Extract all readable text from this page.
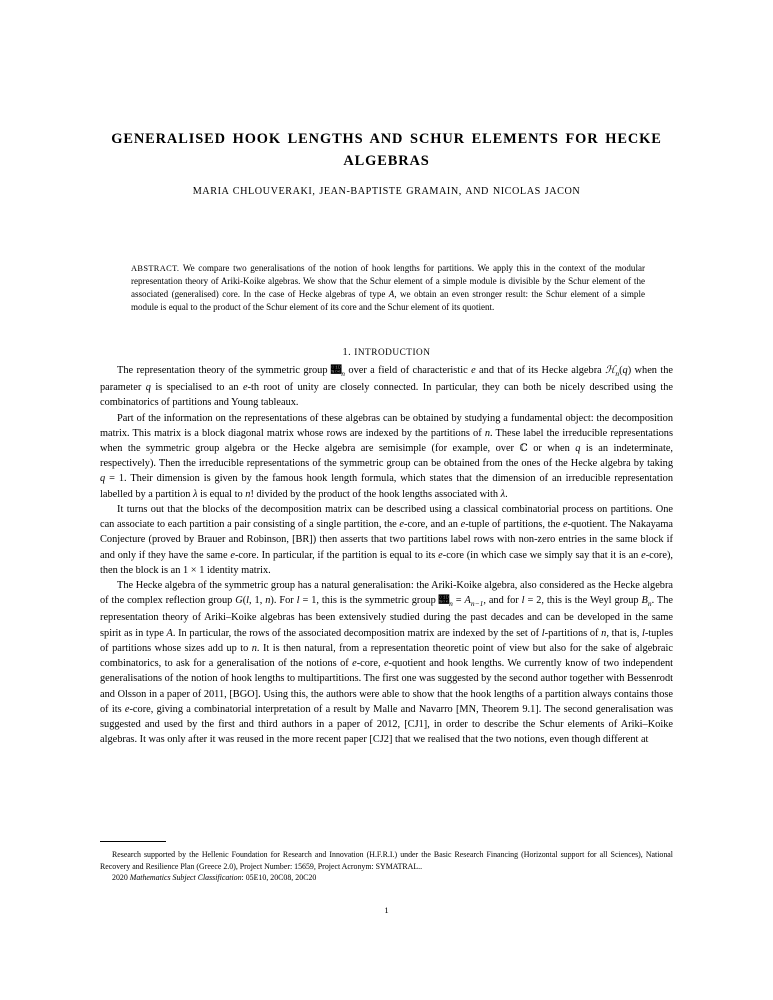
GENERALISED HOOK LENGTHS AND SCHUR ELEMENTS FOR HECKE ALGEBRAS
MARIA CHLOUVERAKI, JEAN-BAPTISTE GRAMAIN, AND NICOLAS JACON
ABSTRACT. We compare two generalisations of the notion of hook lengths for partitions. We apply this in the context of the modular representation theory of Ariki-Koike algebras. We show that the Schur element of a simple module is divisible by the Schur element of the associated (generalised) core. In the case of Hecke algebras of type A, we obtain an even stronger result: the Schur element of a simple module is equal to the product of the Schur element of its core and the Schur element of its quotient.
1. INTRODUCTION

The representation theory of the symmetric group $𝔆_n$ over a field of characteristic e and that of its Hecke algebra ℋ$_n$(q) when the parameter q is specialised to an e-th root of unity are closely connected. In particular, they can both be nicely described using the combinatorics of partitions and Young tableaux.

Part of the information on the representations of these algebras can be obtained by studying a fundamental object: the decomposition matrix. This matrix is a block diagonal matrix whose rows are indexed by the partitions of n. These label the irreducible representations when the symmetric group algebra or the Hecke algebra are semisimple (for example, over ℂ or when q is an indeterminate, respectively). Then the irreducible representations of the symmetric group can be obtained from the ones of the Hecke algebra by taking q = 1. Their dimension is given by the famous hook length formula, which states that the dimension of an irreducible representation labelled by a partition λ is equal to n! divided by the product of the hook lengths associated with λ.

It turns out that the blocks of the decomposition matrix can be described using a classical combinatorial process on partitions. One can associate to each partition a pair consisting of a single partition, the e-core, and an e-tuple of partitions, the e-quotient. The Nakayama Conjecture (proved by Brauer and Robinson, [BR]) then asserts that two partitions label rows with non-zero entries in the same block if and only if they have the same e-core. In particular, if the partition is equal to its e-core (in which case we simply say that it is an e-core), then the block is an 1 × 1 identity matrix.

The Hecke algebra of the symmetric group has a natural generalisation: the Ariki-Koike algebra, also considered as the Hecke algebra of the complex reflection group G(l, 1, n). For l = 1, this is the symmetric group $𝔆_n = A_{n-1}$, and for l = 2, this is the Weyl group $B_n$. The representation theory of Ariki–Koike algebras has been extensively studied during the past decades and can be developed in the same spirit as in type A. In particular, the rows of the associated decomposition matrix are indexed by the set of l-partitions of n, that is, l-tuples of partitions whose sizes add up to n. It is then natural, from a representation theoretic point of view but also for the sake of algebraic combinatorics, to ask for a generalisation of the notions of e-core, e-quotient and hook lengths. We currently know of two independent generalisations of the notion of hook lengths to multipartitions. The first one was suggested by the second author together with Bessenrodt and Olsson in a paper of 2011, [BGO]. Using this, the authors were able to show that the hook lengths of a partition always contains those of its e-core, giving a combinatorial interpretation of a result by Malle and Navarro [MN, Theorem 9.1]. The second generalisation was suggested and used by the first and third authors in a paper of 2012, [CJ1], in order to describe the Schur elements of Ariki–Koike algebras. It was only after it was reused in the more recent paper [CJ2] that we realised that the two notions, even though different at

Research supported by the Hellenic Foundation for Research and Innovation (H.F.R.I.) under the Basic Research Financing (Horizontal support for all Sciences), National Recovery and Resilience Plan (Greece 2.0), Project Number: 15659, Project Acronym: SYMATRAL..

2020 Mathematics Subject Classification: 05E10, 20C08, 20C20

1
